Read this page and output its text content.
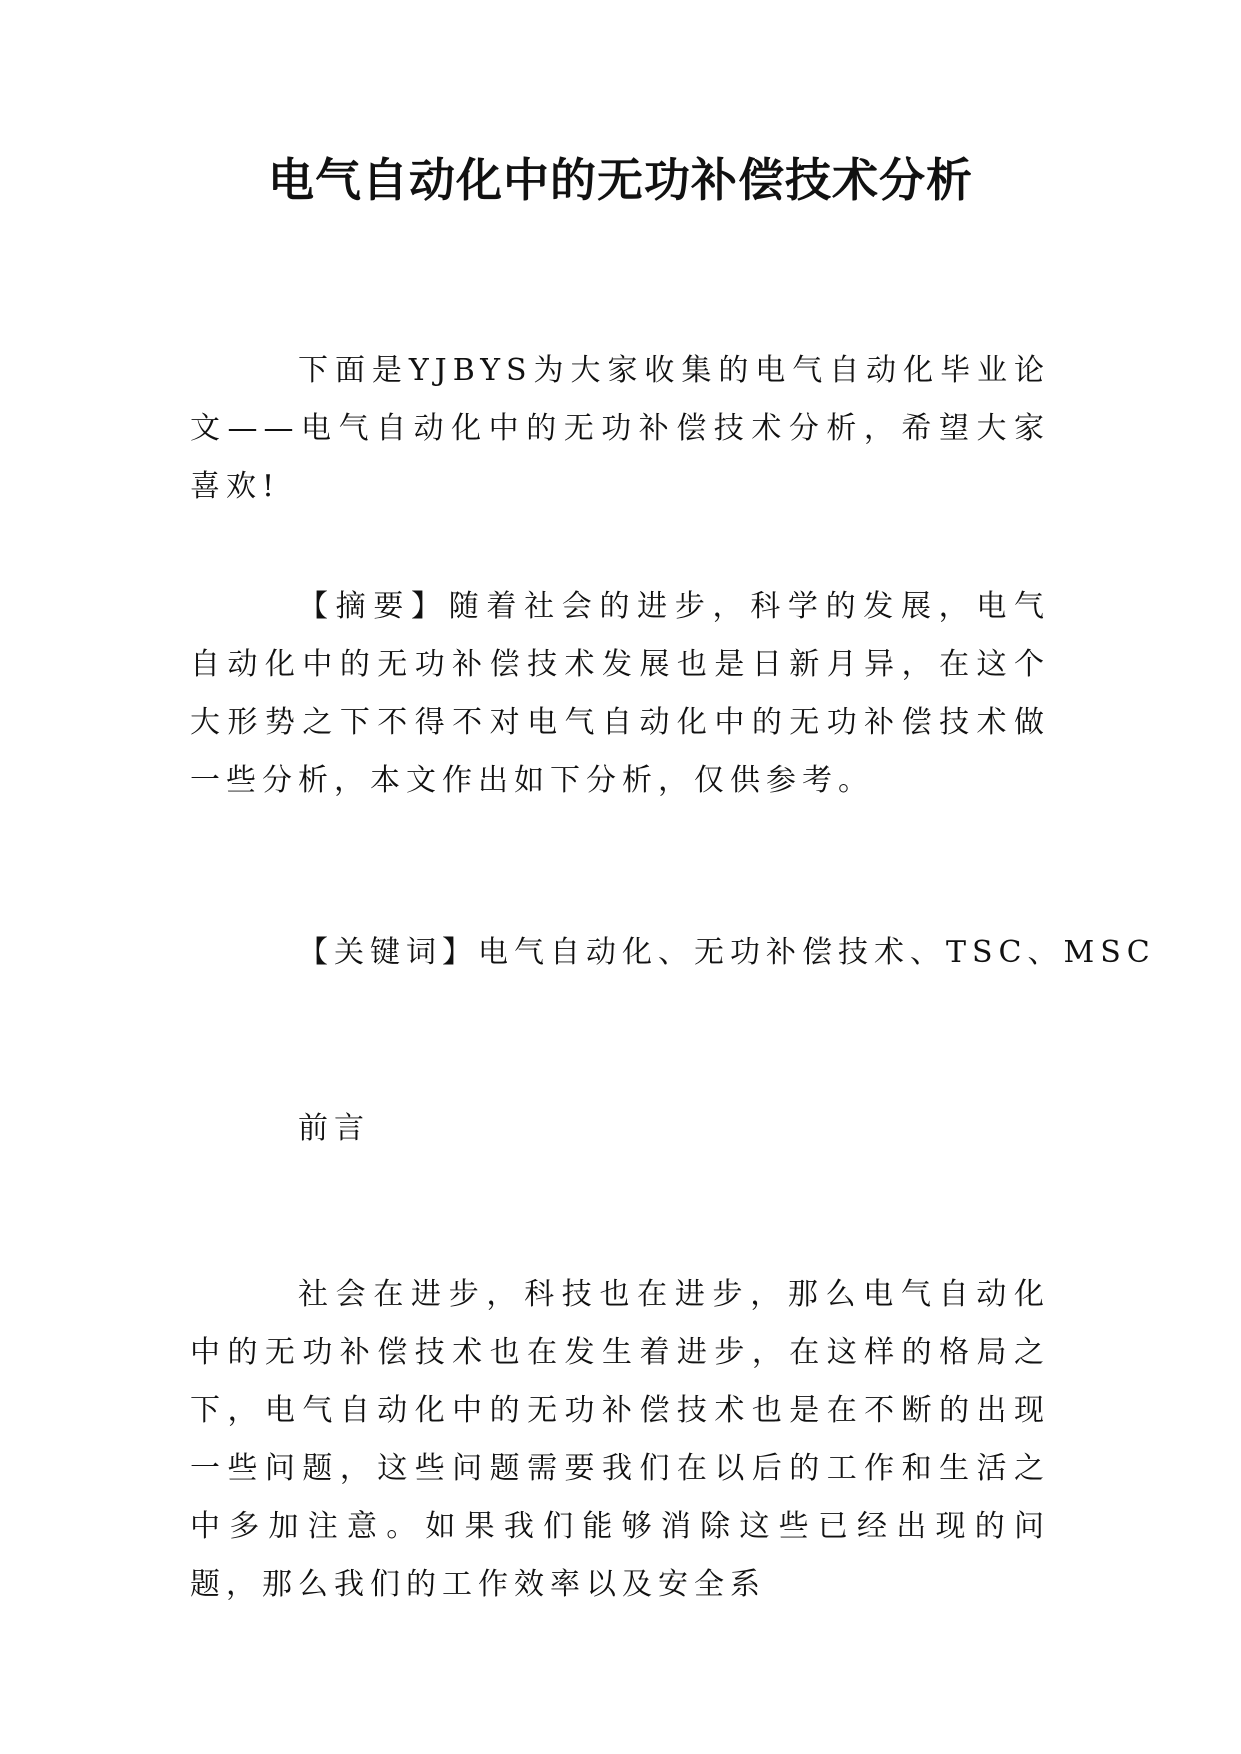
电气自动化中的无功补偿技术分析

下面是YJBYS为大家收集的电气自动化毕业论文——电气自动化中的无功补偿技术分析，希望大家喜欢!

【摘要】随着社会的进步，科学的发展，电气自动化中的无功补偿技术发展也是日新月异，在这个大形势之下不得不对电气自动化中的无功补偿技术做一些分析，本文作出如下分析，仅供参考。

【关键词】电气自动化、无功补偿技术、TSC、MSC

前言

社会在进步，科技也在进步，那么电气自动化中的无功补偿技术也在发生着进步，在这样的格局之下，电气自动化中的无功补偿技术也是在不断的出现一些问题，这些问题需要我们在以后的工作和生活之中多加注意。如果我们能够消除这些已经出现的问题，那么我们的工作效率以及安全系
